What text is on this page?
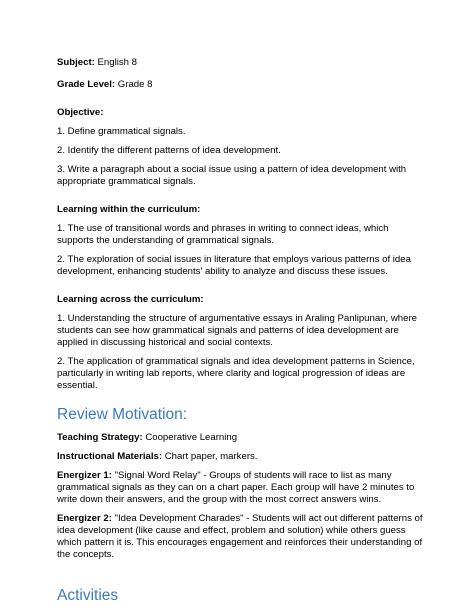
Subject: English 8

Grade Level: Grade 8

Objective:

1. Define grammatical signals.

2. Identify the different patterns of idea development.

3. Write a paragraph about a social issue using a pattern of idea development with appropriate grammatical signals.

Learning within the curriculum:

1. The use of transitional words and phrases in writing to connect ideas, which supports the understanding of grammatical signals.

2. The exploration of social issues in literature that employs various patterns of idea development, enhancing students' ability to analyze and discuss these issues.

Learning across the curriculum:

1. Understanding the structure of argumentative essays in Araling Panlipunan, where students can see how grammatical signals and patterns of idea development are applied in discussing historical and social contexts.

2. The application of grammatical signals and idea development patterns in Science, particularly in writing lab reports, where clarity and logical progression of ideas are essential.

Review Motivation:

Teaching Strategy: Cooperative Learning

Instructional Materials: Chart paper, markers.

Energizer 1: "Signal Word Relay" - Groups of students will race to list as many grammatical signals as they can on a chart paper. Each group will have 2 minutes to write down their answers, and the group with the most correct answers wins.

Energizer 2: "Idea Development Charades" - Students will act out different patterns of idea development (like cause and effect, problem and solution) while others guess which pattern it is. This encourages engagement and reinforces their understanding of the concepts.

Activities
